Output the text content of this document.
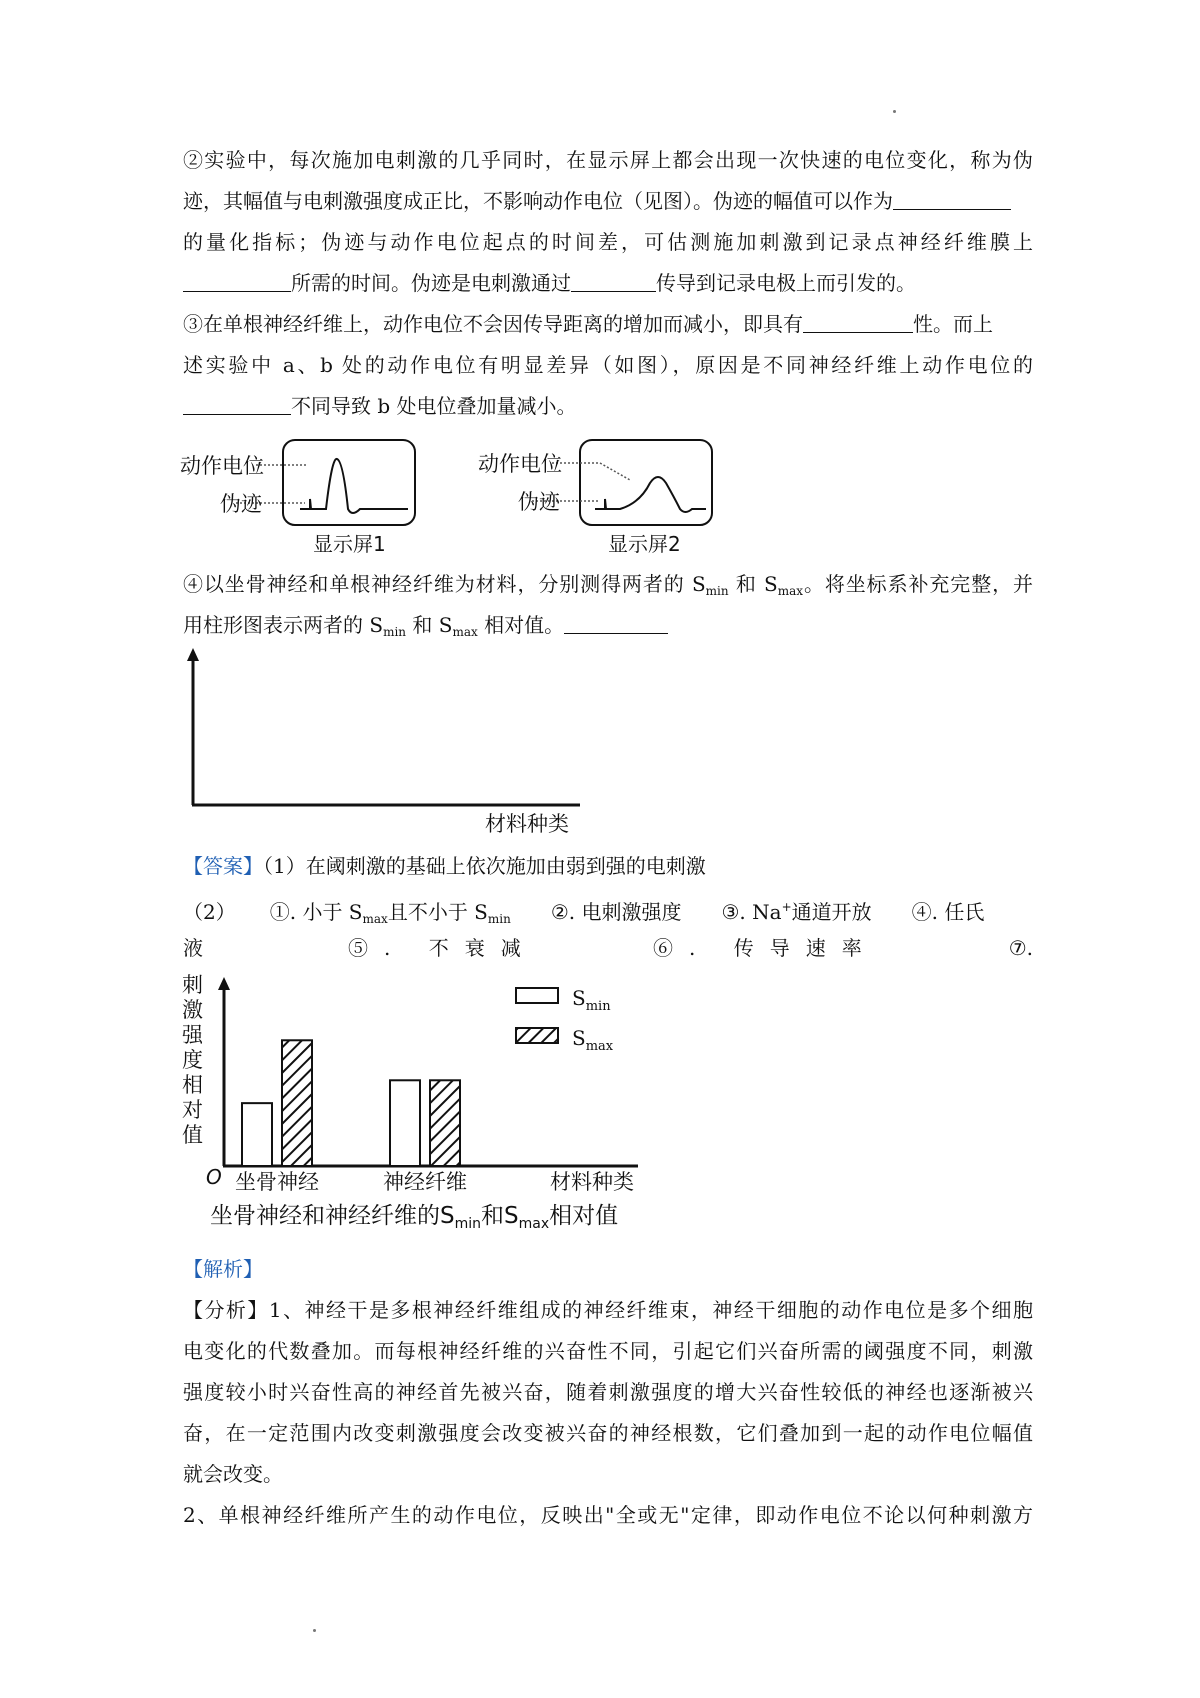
②实验中，每次施加电刺激的几乎同时，在显示屏上都会出现一次快速的电位变化，称为伪
迹，其幅值与电刺激强度成正比，不影响动作电位（见图）。伪迹的幅值可以作为
的量化指标；伪迹与动作电位起点的时间差，可估测施加刺激到记录点神经纤维膜上
所需的时间。伪迹是电刺激通过	传导到记录电极上而引发的。
③在单根神经纤维上，动作电位不会因传导距离的增加而减小，即具有	性。而上
述实验中 a、b 处的动作电位有明显差异（如图），原因是不同神经纤维上动作电位的
不同导致 b 处电位叠加量减小。
动作电位
伪迹
显示屏1
动作电位
伪迹
显示屏2
④以坐骨神经和单根神经纤维为材料，分别测得两者的 $S_{min}$ 和 $S_{max}$。将坐标系补充完整，并
用柱形图表示两者的 $S_{min}$ 和 $S_{max}$ 相对值。
材料种类
【答案】（1）在阈刺激的基础上依次施加由弱到强的电刺激
（2） ①. 小于 $S_{max}$且不小于 $S_{min}$ ②. 电刺激强度 ③. Na+通道开放 ④. 任氏
液	⑤. 不衰减	⑥. 传导速率	⑦.
刺
激
强
度
相
对
值
O 坐骨神经	神经纤维	材料种类
$S_{min}$
$S_{max}$
坐骨神经和神经纤维的$S_{min}$和$S_{max}$相对值
【解析】
【分析】1、神经干是多根神经纤维组成的神经纤维束，神经干细胞的动作电位是多个细胞
电变化的代数叠加。而每根神经纤维的兴奋性不同，引起它们兴奋所需的阈强度不同，刺激
强度较小时兴奋性高的神经首先被兴奋，随着刺激强度的增大兴奋性较低的神经也逐渐被兴
奋，在一定范围内改变刺激强度会改变被兴奋的神经根数，它们叠加到一起的动作电位幅值
就会改变。
2、单根神经纤维所产生的动作电位，反映出"全或无"定律，即动作电位不论以何种刺激方
